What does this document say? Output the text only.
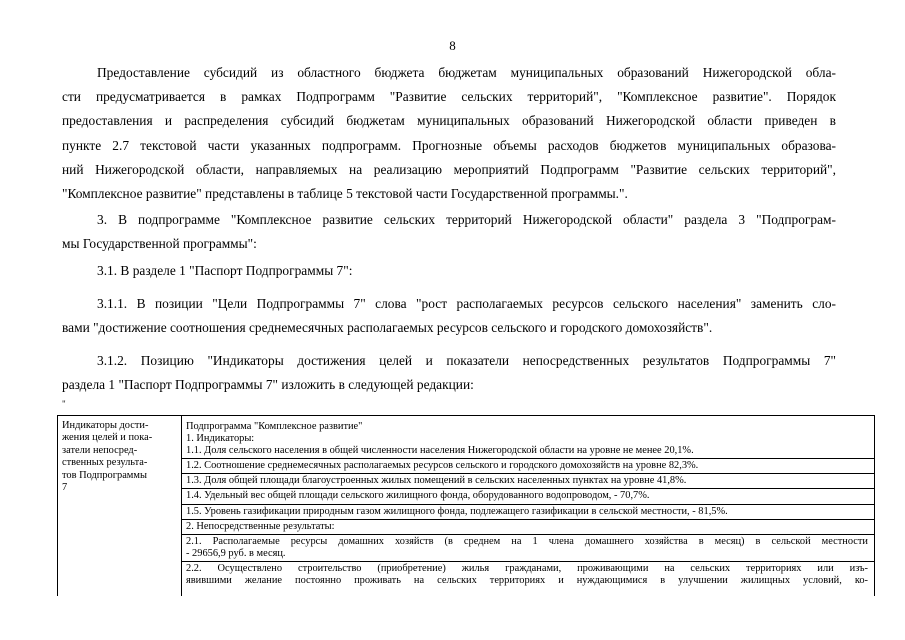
8
Предоставление субсидий из областного бюджета бюджетам муниципальных образований Нижегородской обла-
сти предусматривается в рамках Подпрограмм "Развитие сельских территорий", "Комплексное развитие". Порядок
предоставления и распределения субсидий бюджетам муниципальных образований Нижегородской области приведен в
пункте 2.7 текстовой части указанных подпрограмм. Прогнозные объемы расходов бюджетов муниципальных образова-
ний Нижегородской области, направляемых на реализацию мероприятий Подпрограмм "Развитие сельских территорий",
"Комплексное развитие" представлены в таблице 5 текстовой части Государственной программы.".
3. В подпрограмме "Комплексное развитие сельских территорий Нижегородской области" раздела 3 "Подпрограм-
мы Государственной программы":
3.1. В разделе 1 "Паспорт Подпрограммы 7":
3.1.1. В позиции "Цели Подпрограммы 7" слова "рост располагаемых ресурсов сельского населения" заменить сло-
вами "достижение соотношения среднемесячных располагаемых ресурсов сельского и городского домохозяйств".
3.1.2. Позицию "Индикаторы достижения целей и показатели непосредственных результатов Подпрограммы 7"
раздела 1 "Паспорт Подпрограммы 7" изложить в следующей редакции:
"
Индикаторы дости-
жения целей и пока-
затели непосред-
ственных результа-
тов Подпрограммы
7
Подпрограмма "Комплексное развитие"
1. Индикаторы:
1.1. Доля сельского населения в общей численности населения Нижегородской области на уровне не менее 20,1%.
1.2. Соотношение среднемесячных располагаемых ресурсов сельского и городского домохозяйств на уровне 82,3%.
1.3. Доля общей площади благоустроенных жилых помещений в сельских населенных пунктах на уровне 41,8%.
1.4. Удельный вес общей площади сельского жилищного фонда, оборудованного водопроводом, - 70,7%.
1.5. Уровень газификации природным газом жилищного фонда, подлежащего газификации в сельской местности, - 81,5%.
2. Непосредственные результаты:
2.1. Располагаемые ресурсы домашних хозяйств (в среднем на 1 члена домашнего хозяйства в месяц) в сельской местности
- 29656,9 руб. в месяц.
2.2. Осуществлено строительство (приобретение) жилья гражданами, проживающими на сельских территориях или изъ-
явившими желание постоянно проживать на сельских территориях и нуждающимися в улучшении жилищных условий, ко-
